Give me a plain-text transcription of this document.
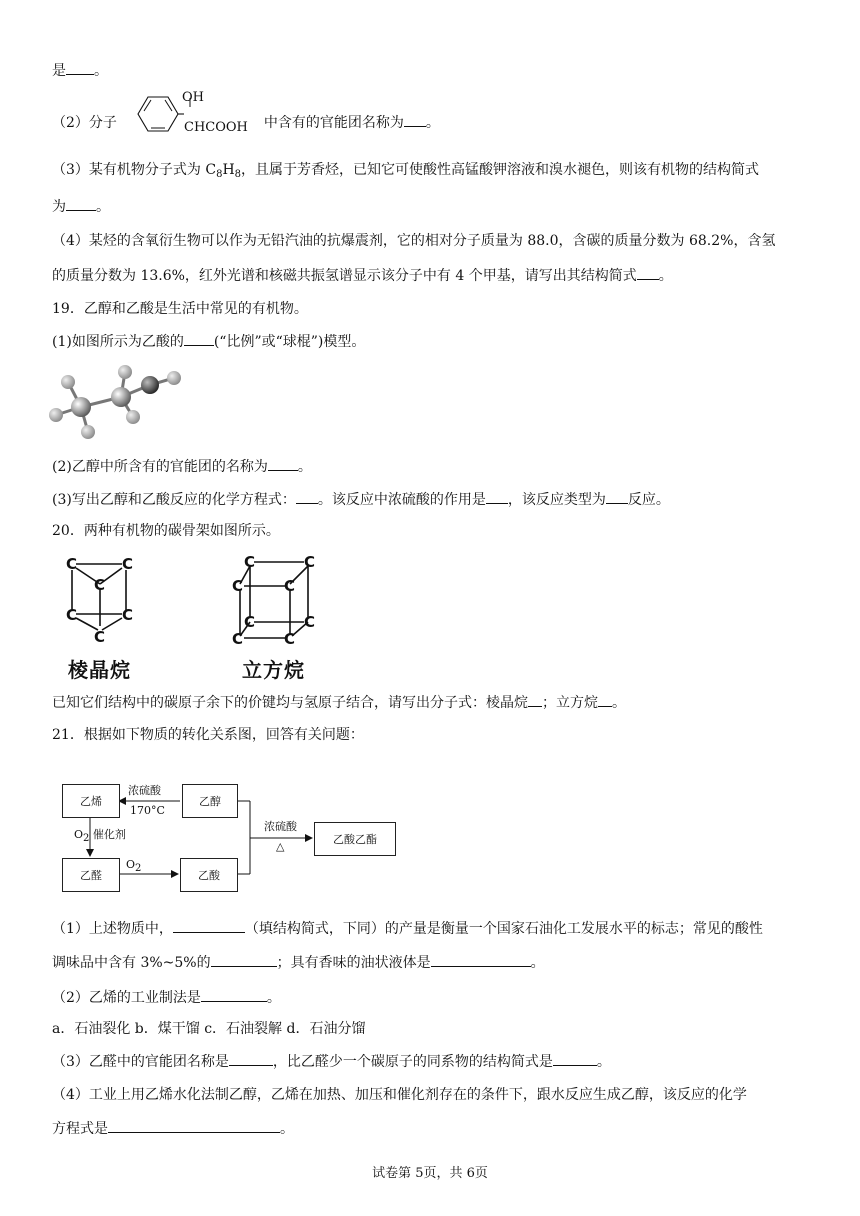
是 。
（2）分子	中含有的官能团名称为 。
OH
CHCOOH
（3）某有机物分子式为 $C_8H_8$，且属于芳香烃，已知它可使酸性高锰酸钾溶液和溴水褪色，则该有机物的结构简式
为 。
（4）某烃的含氧衍生物可以作为无铅汽油的抗爆震剂，它的相对分子质量为 88.0，含碳的质量分数为 68.2%，含氢
的质量分数为 13.6%，红外光谱和核磁共振氢谱显示该分子中有 4 个甲基，请写出其结构简式 。
19．乙醇和乙酸是生活中常见的有机物。
(1)如图所示为乙酸的 (“比例”或“球棍”)模型。
(2)乙醇中所含有的官能团的名称为 。
(3)写出乙醇和乙酸反应的化学方程式： 。该反应中浓硫酸的作用是 ，该反应类型为 反应。
20．两种有机物的碳骨架如图所示。
C	C
C
C	C
C
棱晶烷
C	C
C	C
C	C
C	C
立方烷
已知它们结构中的碳原子余下的价键均与氢原子结合，请写出分子式：棱晶烷 ；立方烷 。
21．根据如下物质的转化关系图，回答有关问题：
乙烯	乙醇
乙醛	乙酸
乙酸乙酯
浓硫酸
170°C
$O_2$ 催化剂
$O_2$
浓硫酸
△
（1）上述物质中，	（填结构简式，下同）的产量是衡量一个国家石油化工发展水平的标志；常见的酸性
调味品中含有 3%~5%的	；具有香味的油状液体是	。
（2）乙烯的工业制法是	。
a．石油裂化 b．煤干馏 c．石油裂解 d．石油分馏
（3）乙醛中的官能团名称是	，比乙醛少一个碳原子的同系物的结构简式是	。
（4）工业上用乙烯水化法制乙醇，乙烯在加热、加压和催化剂存在的条件下，跟水反应生成乙醇，该反应的化学
方程式是	。
试卷第 5页，共 6页
